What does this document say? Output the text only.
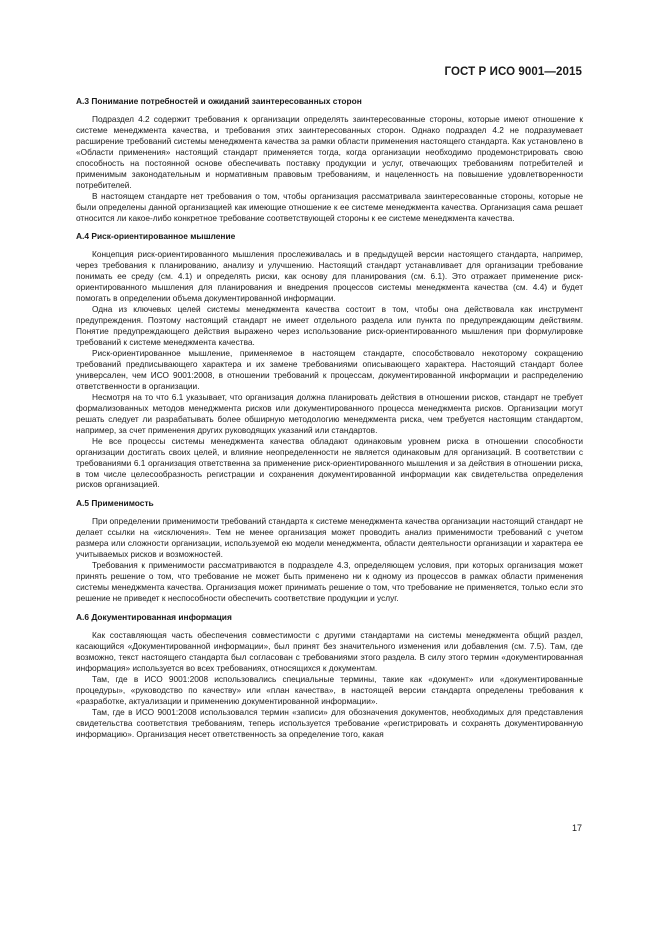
ГОСТ Р ИСО 9001—2015
А.3 Понимание потребностей и ожиданий заинтересованных сторон

Подраздел 4.2 содержит требования к организации определять заинтересованные стороны, которые имеют отношение к системе менеджмента качества, и требования этих заинтересованных сторон. Однако подраздел 4.2 не подразумевает расширение требований системы менеджмента качества за рамки области применения настоящего стандарта. Как установлено в «Области применения» настоящий стандарт применяется тогда, когда организации необходимо продемонстрировать свою способность на постоянной основе обеспечивать поставку продукции и услуг, отвечающих требованиям потребителей и применимым законодательным и нормативным правовым требованиям, и нацеленность на повышение удовлетворенности потребителей.

В настоящем стандарте нет требования о том, чтобы организация рассматривала заинтересованные стороны, которые не были определены данной организацией как имеющие отношение к ее системе менеджмента качества. Организация сама решает относится ли какое-либо конкретное требование соответствующей стороны к ее системе менеджмента качества.

А.4 Риск-ориентированное мышление

Концепция риск-ориентированного мышления прослеживалась и в предыдущей версии настоящего стандарта, например, через требования к планированию, анализу и улучшению. Настоящий стандарт устанавливает для организации требование понимать ее среду (см. 4.1) и определять риски, как основу для планирования (см. 6.1). Это отражает применение риск-ориентированного мышления для планирования и внедрения процессов системы менеджмента качества (см. 4.4) и будет помогать в определении объема документированной информации.

Одна из ключевых целей системы менеджмента качества состоит в том, чтобы она действовала как инструмент предупреждения. Поэтому настоящий стандарт не имеет отдельного раздела или пункта по предупреждающим действиям. Понятие предупреждающего действия выражено через использование риск-ориентированного мышления при формулировке требований к системе менеджмента качества.

Риск-ориентированное мышление, применяемое в настоящем стандарте, способствовало некоторому сокращению требований предписывающего характера и их замене требованиями описывающего характера. Настоящий стандарт более универсален, чем ИСО 9001:2008, в отношении требований к процессам, документированной информации и распределению ответственности в организации.

Несмотря на то что 6.1 указывает, что организация должна планировать действия в отношении рисков, стандарт не требует формализованных методов менеджмента рисков или документированного процесса менеджмента рисков. Организации могут решать следует ли разрабатывать более обширную методологию менеджмента риска, чем требуется настоящим стандартом, например, за счет применения других руководящих указаний или стандартов.

Не все процессы системы менеджмента качества обладают одинаковым уровнем риска в отношении способности организации достигать своих целей, и влияние неопределенности не является одинаковым для организаций. В соответствии с требованиями 6.1 организация ответственна за применение риск-ориентированного мышления и за действия в отношении риска, в том числе целесообразность регистрации и сохранения документированной информации как свидетельства определения рисков организацией.

А.5 Применимость

При определении применимости требований стандарта к системе менеджмента качества организации настоящий стандарт не делает ссылки на «исключения». Тем не менее организация может проводить анализ применимости требований с учетом размера или сложности организации, используемой ею модели менеджмента, области деятельности организации и характера ее учитываемых рисков и возможностей.

Требования к применимости рассматриваются в подразделе 4.3, определяющем условия, при которых организация может принять решение о том, что требование не может быть применено ни к одному из процессов в рамках области применения системы менеджмента качества. Организация может принимать решение о том, что требование не применяется, только если это решение не приведет к неспособности обеспечить соответствие продукции и услуг.

А.6 Документированная информация

Как составляющая часть обеспечения совместимости с другими стандартами на системы менеджмента общий раздел, касающийся «Документированной информации», был принят без значительного изменения или добавления (см. 7.5). Там, где возможно, текст настоящего стандарта был согласован с требованиями этого раздела. В силу этого термин «документированная информация» используется во всех требованиях, относящихся к документам.

Там, где в ИСО 9001:2008 использовались специальные термины, такие как «документ» или «документированные процедуры», «руководство по качеству» или «план качества», в настоящей версии стандарта определены требования к «разработке, актуализации и применению документированной информации».

Там, где в ИСО 9001:2008 использовался термин «записи» для обозначения документов, необходимых для представления свидетельства соответствия требованиям, теперь используется требование «регистрировать и сохранять документированную информацию». Организация несет ответственность за определение того, какая

17
